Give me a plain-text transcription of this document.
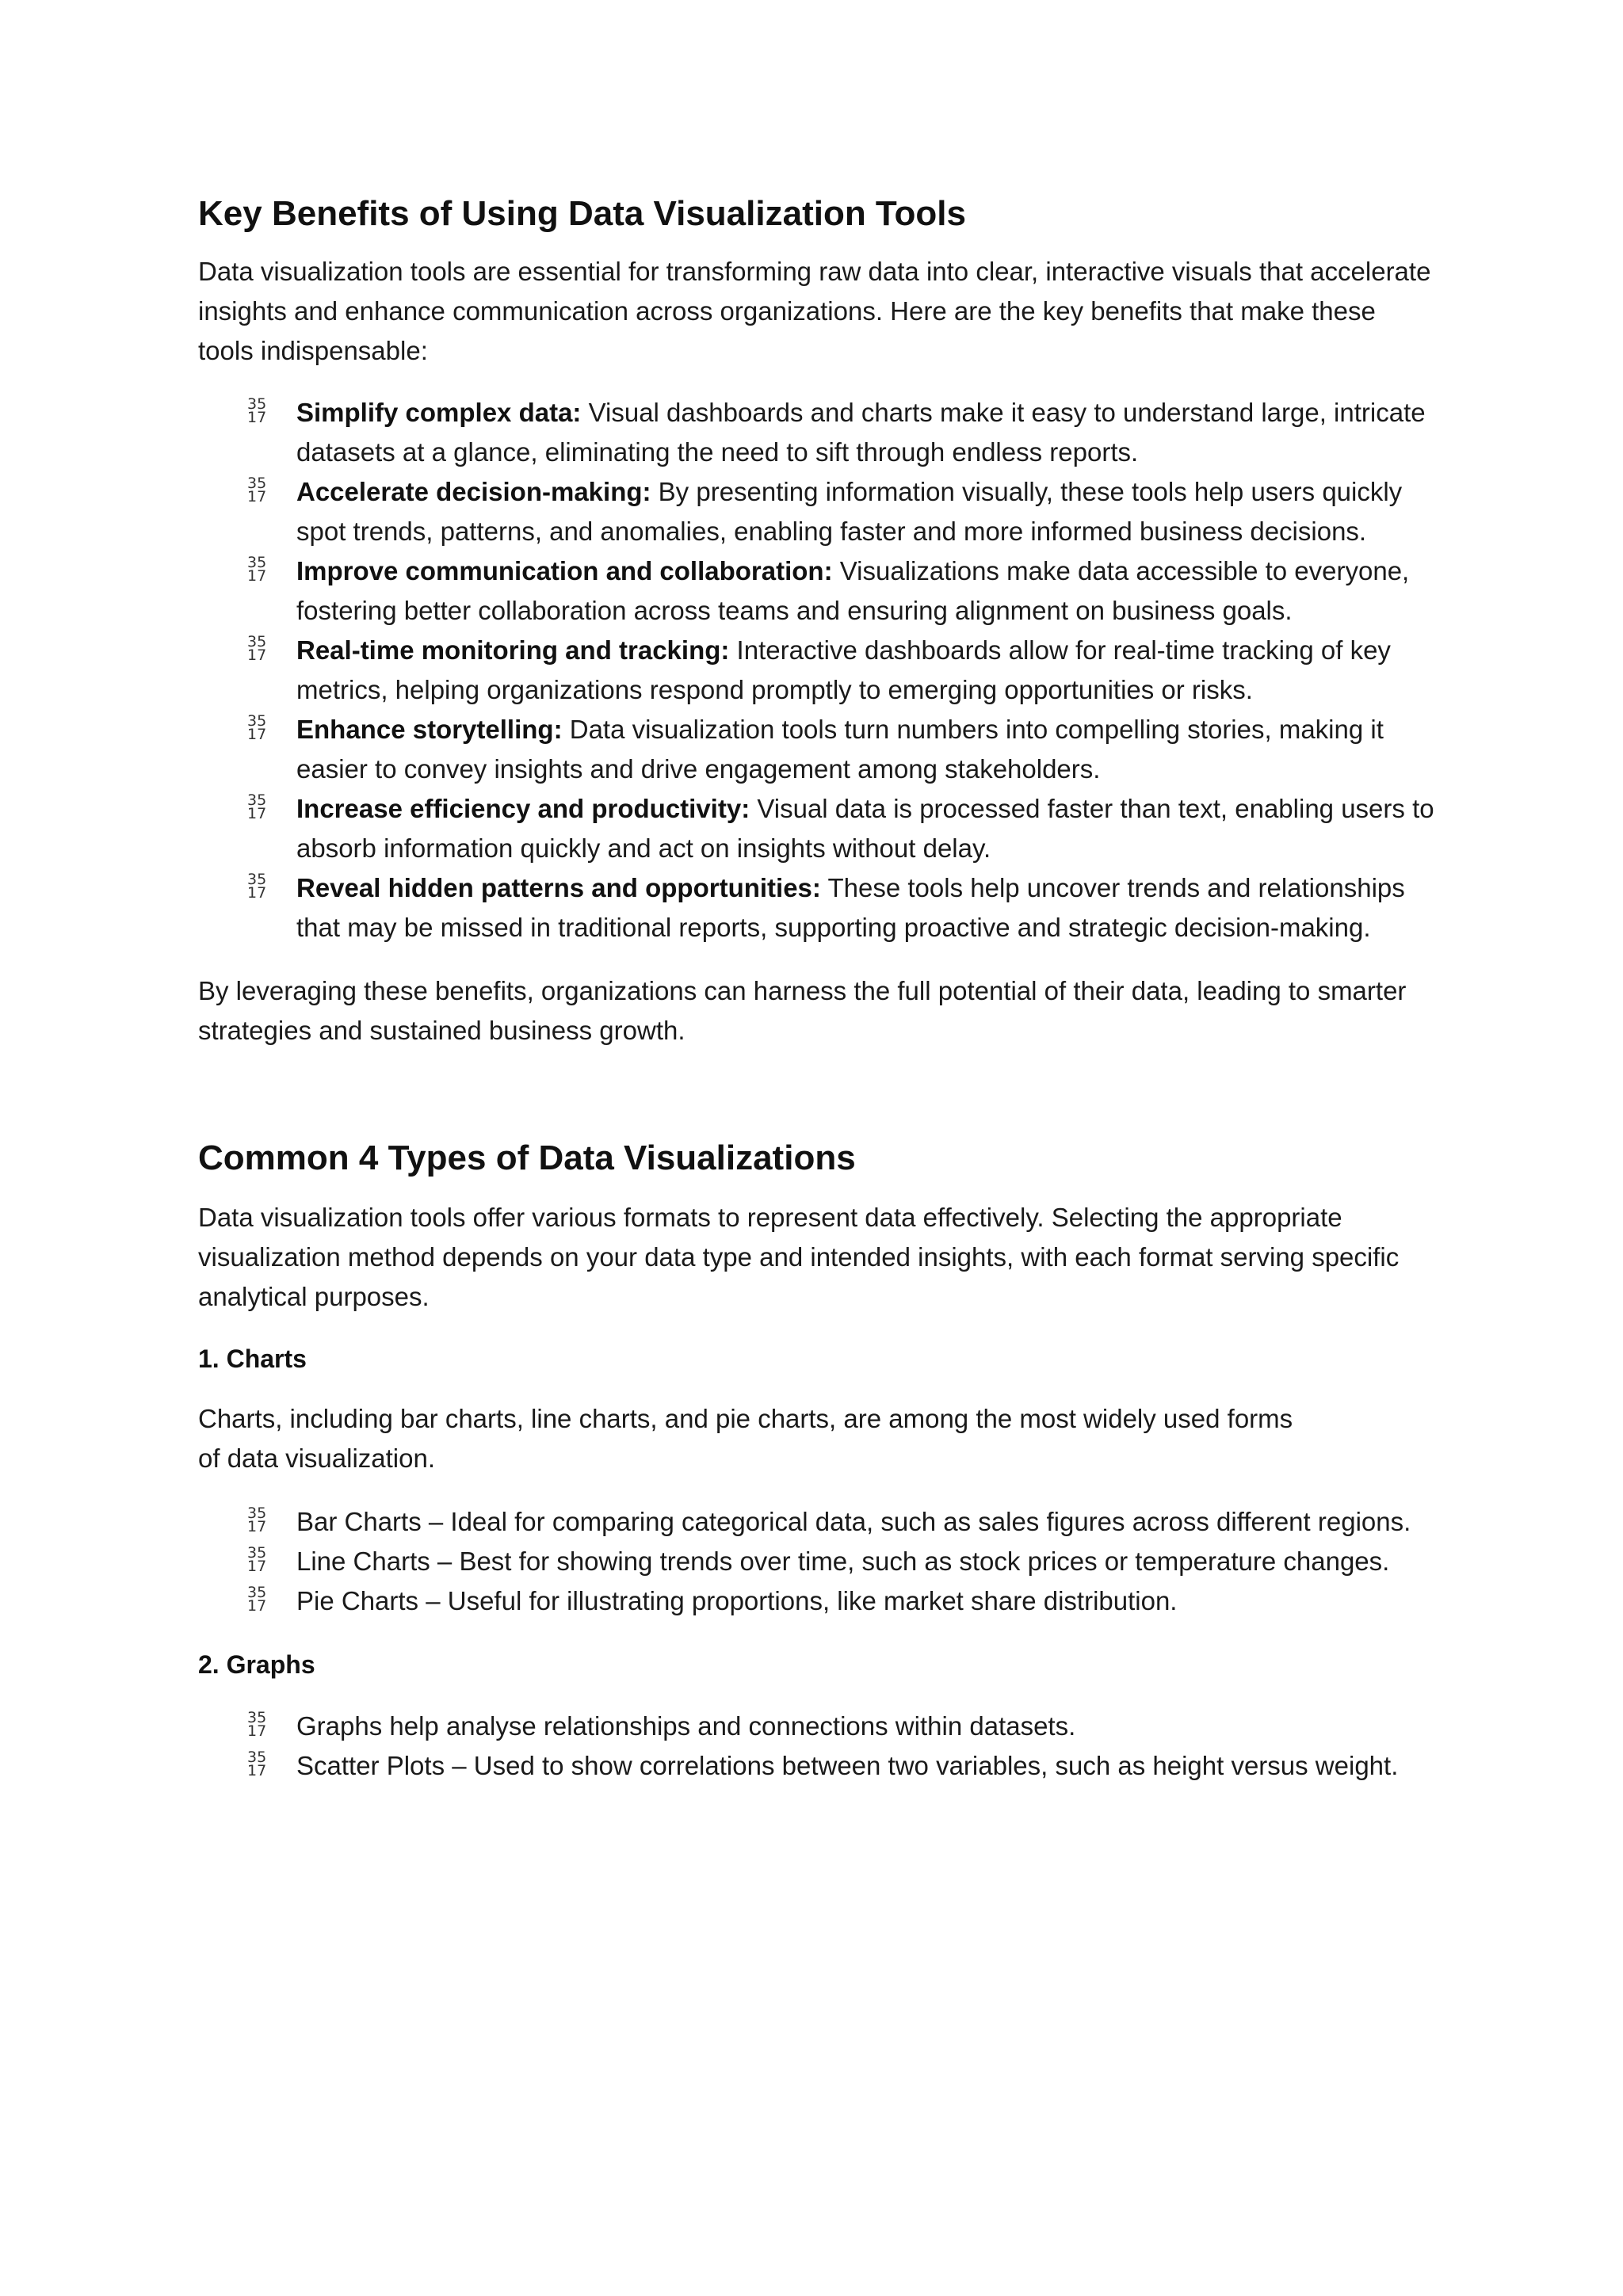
Key Benefits of Using Data Visualization Tools

Data visualization tools are essential for transforming raw data into clear, interactive visuals that accelerate insights and enhance communication across organizations. Here are the key benefits that make these tools indispensable:

35
17 Simplify complex data: Visual dashboards and charts make it easy to understand large, intricate datasets at a glance, eliminating the need to sift through endless reports.
35
17 Accelerate decision-making: By presenting information visually, these tools help users quickly spot trends, patterns, and anomalies, enabling faster and more informed business decisions.
35
17 Improve communication and collaboration: Visualizations make data accessible to everyone, fostering better collaboration across teams and ensuring alignment on business goals.
35
17 Real-time monitoring and tracking: Interactive dashboards allow for real-time tracking of key metrics, helping organizations respond promptly to emerging opportunities or risks.
35
17 Enhance storytelling: Data visualization tools turn numbers into compelling stories, making it easier to convey insights and drive engagement among stakeholders.
35
17 Increase efficiency and productivity: Visual data is processed faster than text, enabling users to absorb information quickly and act on insights without delay.
35
17 Reveal hidden patterns and opportunities: These tools help uncover trends and relationships that may be missed in traditional reports, supporting proactive and strategic decision-making.

By leveraging these benefits, organizations can harness the full potential of their data, leading to smarter strategies and sustained business growth.

Common 4 Types of Data Visualizations

Data visualization tools offer various formats to represent data effectively. Selecting the appropriate visualization method depends on your data type and intended insights, with each format serving specific analytical purposes.

1. Charts

Charts, including bar charts, line charts, and pie charts, are among the most widely used forms
of data visualization.

35
17 Bar Charts – Ideal for comparing categorical data, such as sales figures across different regions.
35
17 Line Charts – Best for showing trends over time, such as stock prices or temperature changes.
35
17 Pie Charts – Useful for illustrating proportions, like market share distribution.
2. Graphs
35
17 Graphs help analyse relationships and connections within datasets.
35
17 Scatter Plots – Used to show correlations between two variables, such as height versus weight.
